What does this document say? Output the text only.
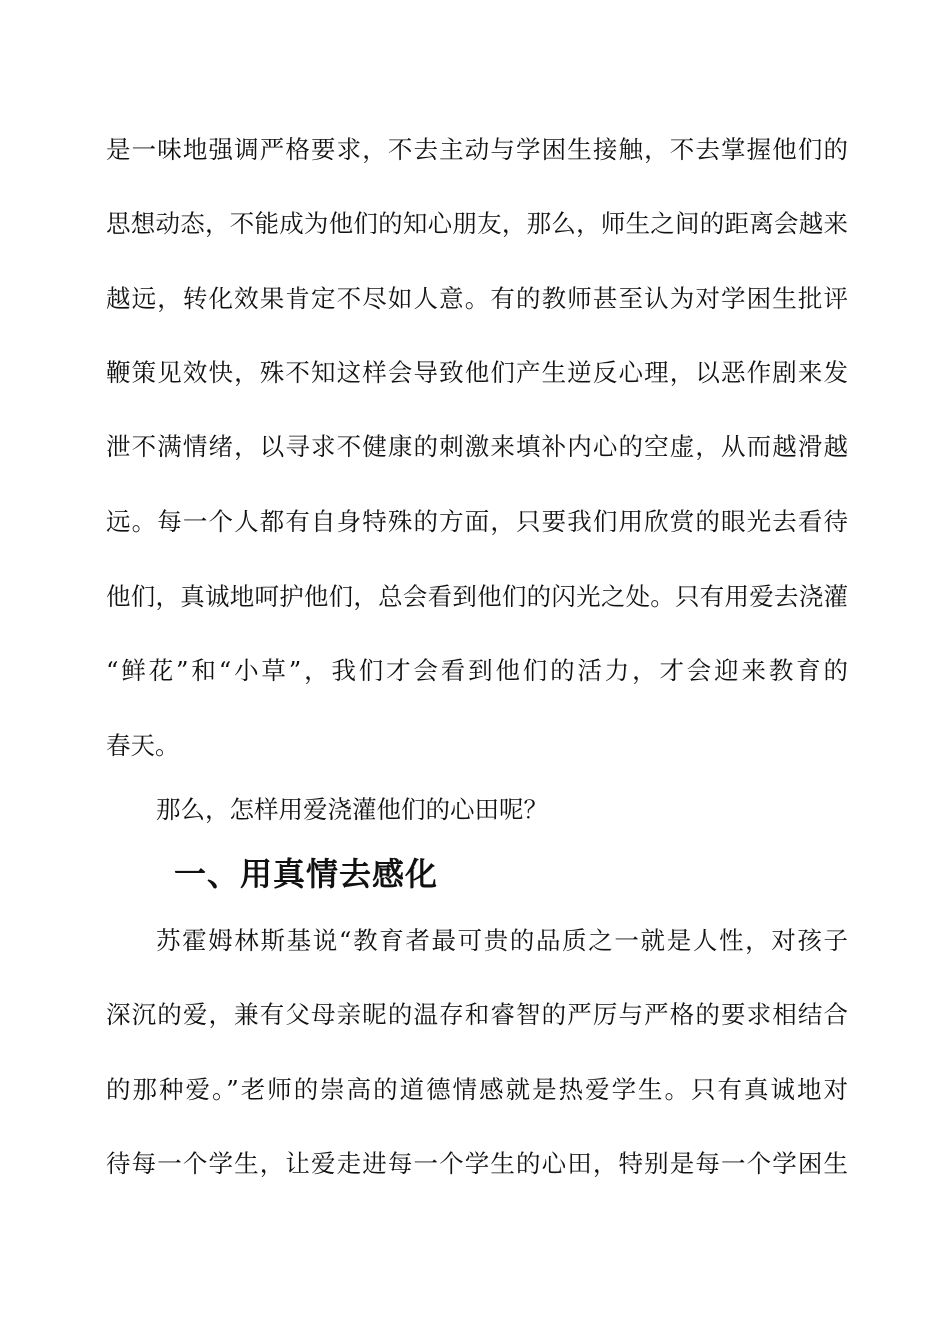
是一味地强调严格要求，不去主动与学困生接触，不去掌握他们的
思想动态，不能成为他们的知心朋友，那么，师生之间的距离会越来
越远，转化效果肯定不尽如人意。有的教师甚至认为对学困生批评
鞭策见效快，殊不知这样会导致他们产生逆反心理，以恶作剧来发
泄不满情绪，以寻求不健康的刺激来填补内心的空虚，从而越滑越
远。每一个人都有自身特殊的方面，只要我们用欣赏的眼光去看待
他们，真诚地呵护他们，总会看到他们的闪光之处。只有用爱去浇灌
“鲜花”和“小草”，我们才会看到他们的活力，才会迎来教育的
春天。
那么，怎样用爱浇灌他们的心田呢？
一、用真情去感化
苏霍姆林斯基说“教育者最可贵的品质之一就是人性，对孩子
深沉的爱，兼有父母亲昵的温存和睿智的严厉与严格的要求相结合
的那种爱。”老师的崇高的道德情感就是热爱学生。只有真诚地对
待每一个学生，让爱走进每一个学生的心田，特别是每一个学困生
